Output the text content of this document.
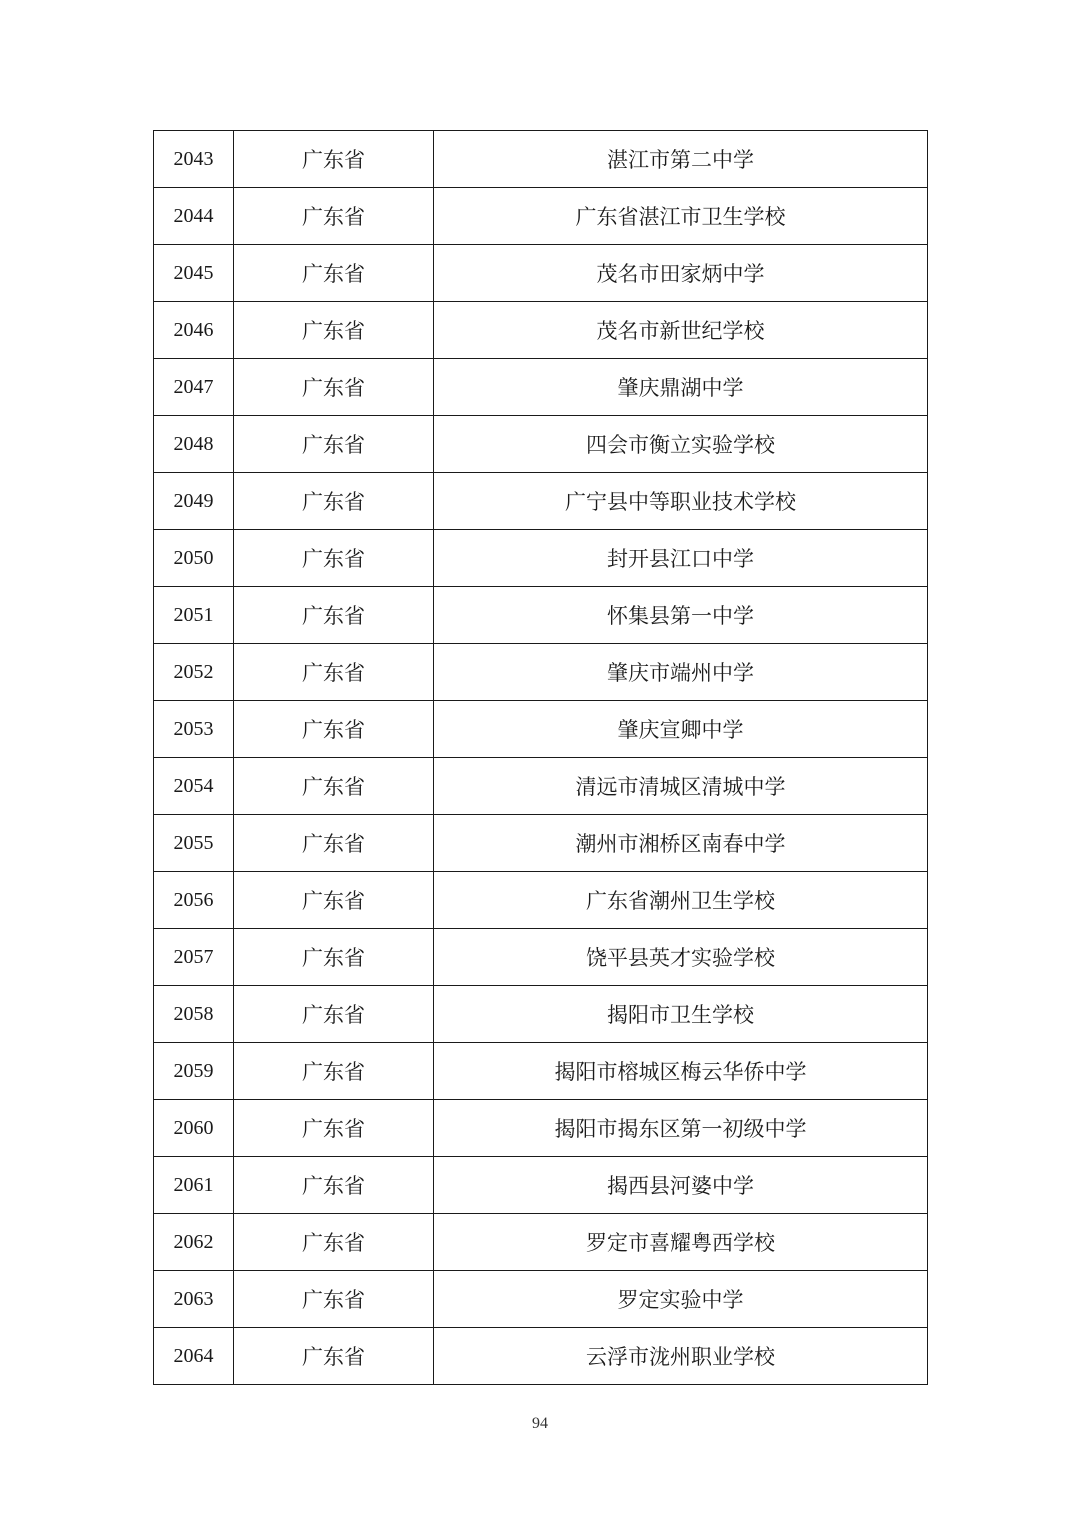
2043	广东省	湛江市第二中学
2044	广东省	广东省湛江市卫生学校
2045	广东省	茂名市田家炳中学
2046	广东省	茂名市新世纪学校
2047	广东省	肇庆鼎湖中学
2048	广东省	四会市衡立实验学校
2049	广东省	广宁县中等职业技术学校
2050	广东省	封开县江口中学
2051	广东省	怀集县第一中学
2052	广东省	肇庆市端州中学
2053	广东省	肇庆宣卿中学
2054	广东省	清远市清城区清城中学
2055	广东省	潮州市湘桥区南春中学
2056	广东省	广东省潮州卫生学校
2057	广东省	饶平县英才实验学校
2058	广东省	揭阳市卫生学校
2059	广东省	揭阳市榕城区梅云华侨中学
2060	广东省	揭阳市揭东区第一初级中学
2061	广东省	揭西县河婆中学
2062	广东省	罗定市喜耀粤西学校
2063	广东省	罗定实验中学
2064	广东省	云浮市泷州职业学校
94
